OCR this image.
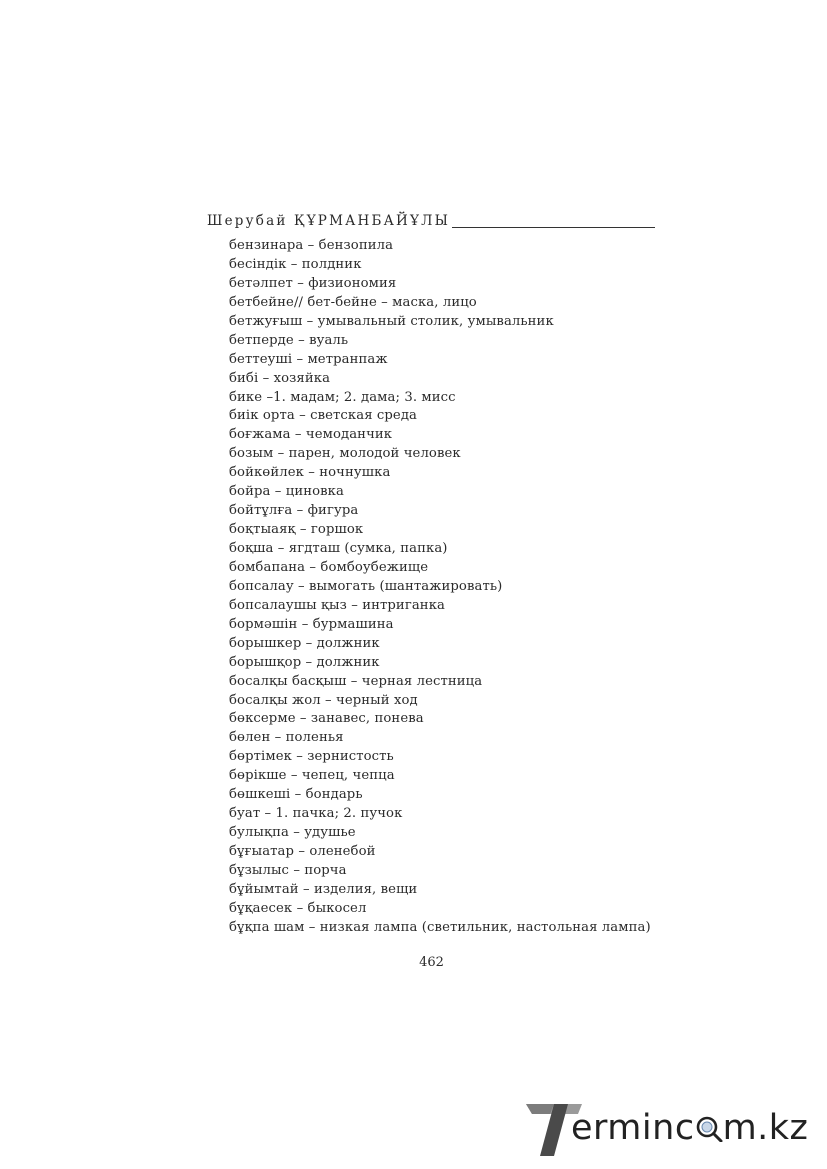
Шерубай ҚҰРМАНБАЙҰЛЫ
бензинара – бензопила
бесіндік – полдник
бетәлпет – физиономия
бетбейне// бет-бейне – маска, лицо
бетжуғыш – умывальный столик, умывальник
бетперде – вуаль
беттеуші – метранпаж
бибі – хозяйка
бике –1. мадам; 2. дама; 3. мисс
биік орта – светская среда
боғжама – чемоданчик
бозым – парен, молодой человек
бойкөйлек – ночнушка
бойра – циновка
бойтұлға – фигура
боқтыаяқ – горшок
боқша – ягдташ (сумка, папка)
бомбапана – бомбоубежище
бопсалау – вымогать (шантажировать)
бопсалаушы қыз – интриганка
бормәшін – бурмашина
борышкер – должник
борышқор – должник
босалқы басқыш – черная лестница
босалқы жол – черный ход
бөксерме – занавес, понева
бөлен – поленья
бөртімек – зернистость
бөрікше – чепец, чепца
бөшкеші – бондарь
буат – 1. пачка; 2. пучок
булықпа – удушье
бұғыатар – оленебой
бұзылыс – порча
бұйымтай – изделия, вещи
бұқаесек – быкосел
бұқпа шам – низкая лампа (светильник, настольная лампа)
462
erminc m.kz
